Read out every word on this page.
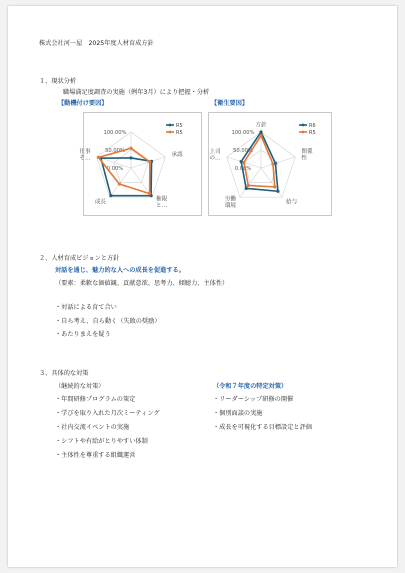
株式会社河一屋　2025年度人材育成方針
１、現状分析
職場満足度調査の実施（例年3月）により把握・分析
【動機付け要因】	【衛生要因】
100.00%
50.00%
0.00%
承認
権限と…
成長
仕事そ…
R5
R5	100.00%
50.00%
0.00%
方針
関係性
給与
労働環境
上司の…
R6
R5
２、人材育成ビジョンと方針
対話を通じ、魅力的な人への成長を促進する。
（要素：柔軟な価値観、貢献意欲、思考力、傾聴力、主体性）
・対話による育て合い
・自ら考え、自ら動く（失敗の奨励）
・あたりまえを疑う
３、具体的な対策
（継続的な対策）
・年間研修プログラムの策定
・学びを取り入れた月次ミーティング
・社内交流イベントの実施
・シフトや有給がとりやすい体制
・主体性を尊重する組織運営
（令和７年度の特定対策）
・リーダーシップ研修の開催
・個別面談の実施
・成長を可視化する目標設定と評価
